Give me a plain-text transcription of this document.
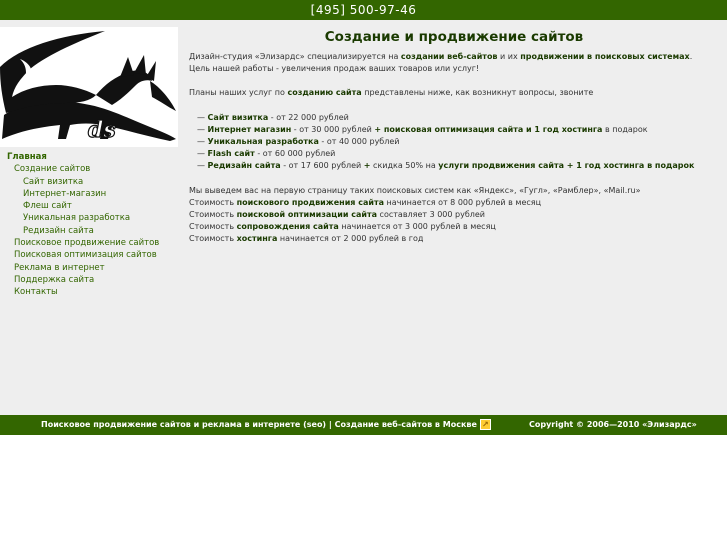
[495] 500-97-46
ds
Главная
Создание сайтов
Сайт визитка
Интернет-магазин
Флеш сайт
Уникальная разработка
Редизайн сайта
Поисковое продвижение сайтов
Поисковая оптимизация сайтов
Реклама в интернет
Поддержка сайта
Контакты
Создание и продвижение сайтов

Дизайн-студия «Элизардс» специализируется на создании веб-сайтов и их продвижении в поисковых системах.

Цель нашей работы - увеличения продаж ваших товаров или услуг!

Планы наших услуг по созданию сайта представлены ниже, как возникнут вопросы, звоните

— Сайт визитка - от 22 000 рублей

— Интернет магазин - от 30 000 рублей + поисковая оптимизация сайта и 1 год хостинга в подарок

— Уникальная разработка - от 40 000 рублей

— Flash сайт - от 60 000 рублей

— Редизайн сайта - от 17 600 рублей + скидка 50% на услуги продвижения сайта + 1 год хостинга в подарок

Мы выведем вас на первую страницу таких поисковых систем как «Яндекс», «Гугл», «Рамблер», «Mail.ru»

Стоимость поискового продвижения сайта начинается от 8 000 рублей в месяц

Стоимость поисковой оптимизации сайта составляет 3 000 рублей

Стоимость сопровождения сайта начинается от 3 000 рублей в месяц

Стоимость хостинга начинается от 2 000 рублей в год

Поисковое продвижение сайтов и реклама в интернете (seo) | Создание веб-сайтов в Москве ↗	Copyright © 2006—2010 «Элизардс»
